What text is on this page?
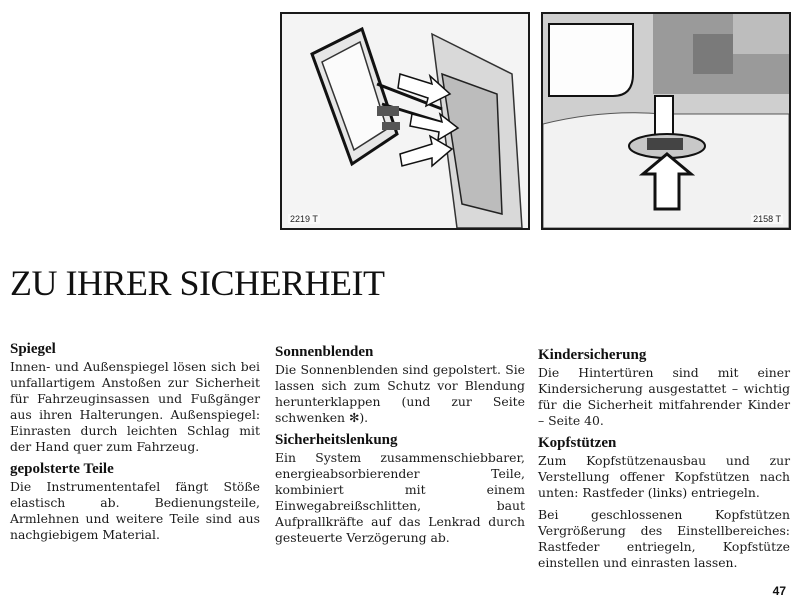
2219 T	2158 T
ZU IHRER SICHERHEIT
Spiegel

Innen- und Außenspiegel lösen sich bei unfallartigem Anstoßen zur Sicherheit für Fahrzeuginsassen und Fußgänger aus ihren Halterungen. Außenspiegel: Einrasten durch leichten Schlag mit der Hand quer zum Fahrzeug.

gepolsterte Teile

Die Instrumententafel fängt Stöße elastisch ab. Bedienungsteile, Armlehnen und weitere Teile sind aus nachgiebigem Material.

Sonnenblenden

Die Sonnenblenden sind gepolstert. Sie lassen sich zum Schutz vor Blendung herunterklappen (und zur Seite schwenken ✻).

Sicherheitslenkung

Ein System zusammenschiebbarer, energieabsorbierender Teile, kombiniert mit einem Einwegabreißschlitten, baut Aufprallkräfte auf das Lenkrad durch gesteuerte Verzögerung ab.

Kindersicherung

Die Hintertüren sind mit einer Kindersicherung ausgestattet – wichtig für die Sicherheit mitfahrender Kinder – Seite 40.

Kopfstützen

Zum Kopfstützenausbau und zur Verstellung offener Kopfstützen nach unten: Rastfeder (links) entriegeln.

Bei geschlossenen Kopfstützen Vergrößerung des Einstellbereiches: Rastfeder entriegeln, Kopfstütze einstellen und einrasten lassen.

47
